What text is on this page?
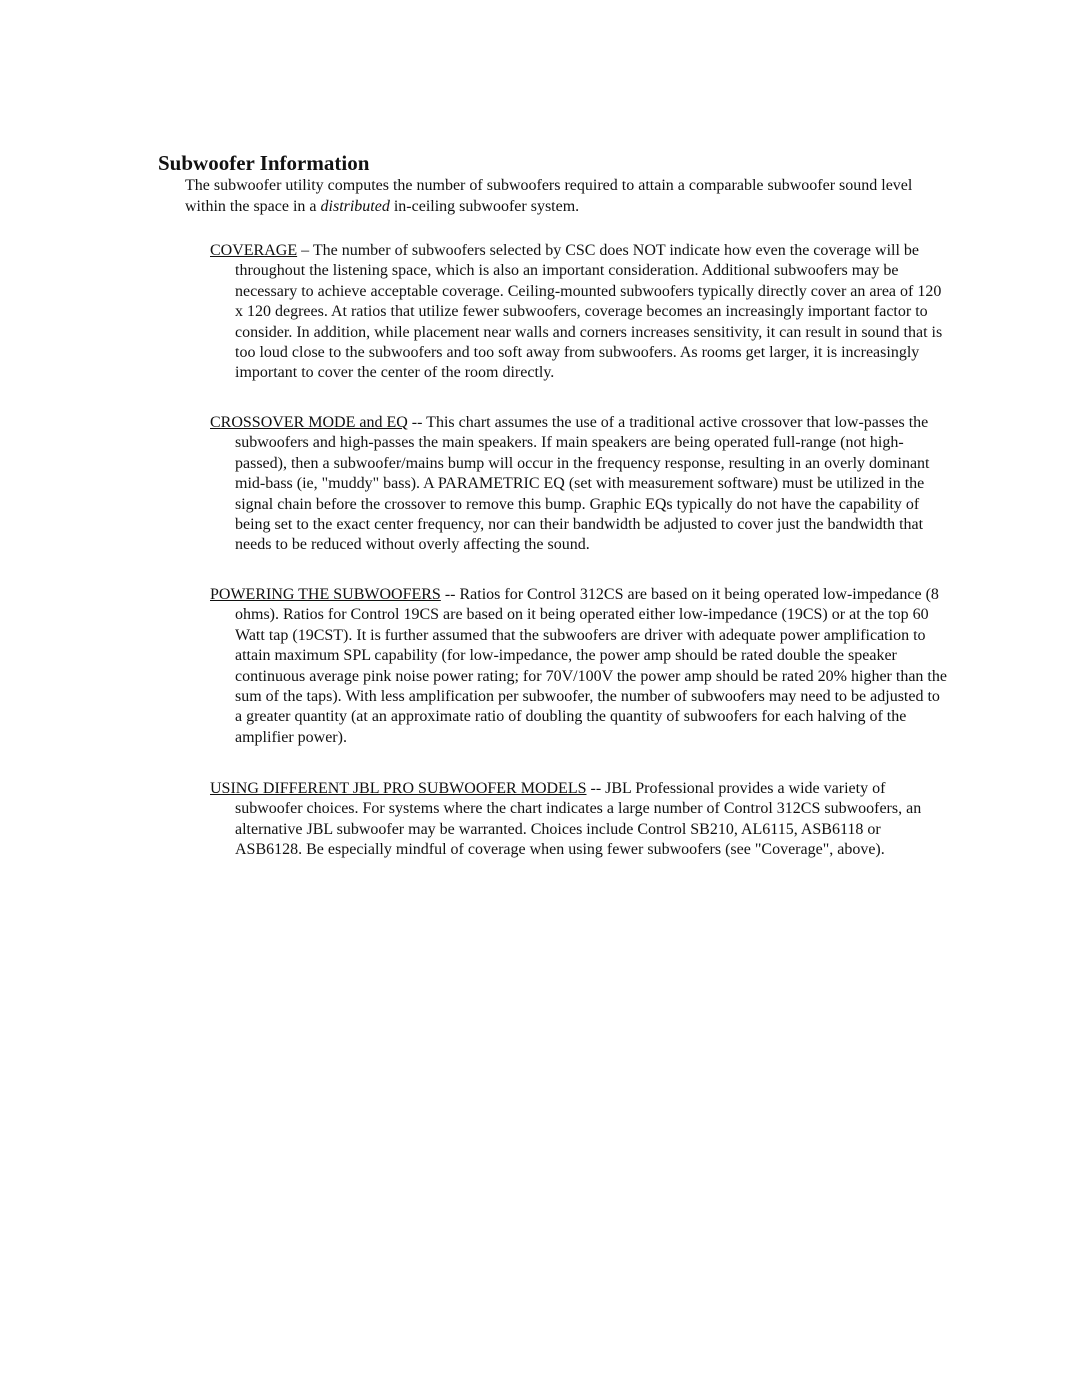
Subwoofer Information

The subwoofer utility computes the number of subwoofers required to attain a comparable subwoofer sound level within the space in a distributed in-ceiling subwoofer system.

COVERAGE – The number of subwoofers selected by CSC does NOT indicate how even the coverage will be throughout the listening space, which is also an important consideration. Additional subwoofers may be necessary to achieve acceptable coverage. Ceiling-mounted subwoofers typically directly cover an area of 120 x 120 degrees. At ratios that utilize fewer subwoofers, coverage becomes an increasingly important factor to consider. In addition, while placement near walls and corners increases sensitivity, it can result in sound that is too loud close to the subwoofers and too soft away from subwoofers. As rooms get larger, it is increasingly important to cover the center of the room directly.

CROSSOVER MODE and EQ -- This chart assumes the use of a traditional active crossover that low-passes the subwoofers and high-passes the main speakers. If main speakers are being operated full-range (not high-passed), then a subwoofer/mains bump will occur in the frequency response, resulting in an overly dominant mid-bass (ie, "muddy" bass). A PARAMETRIC EQ (set with measurement software) must be utilized in the signal chain before the crossover to remove this bump. Graphic EQs typically do not have the capability of being set to the exact center frequency, nor can their bandwidth be adjusted to cover just the bandwidth that needs to be reduced without overly affecting the sound.

POWERING THE SUBWOOFERS -- Ratios for Control 312CS are based on it being operated low-impedance (8 ohms). Ratios for Control 19CS are based on it being operated either low-impedance (19CS) or at the top 60 Watt tap (19CST). It is further assumed that the subwoofers are driver with adequate power amplification to attain maximum SPL capability (for low-impedance, the power amp should be rated double the speaker continuous average pink noise power rating; for 70V/100V the power amp should be rated 20% higher than the sum of the taps). With less amplification per subwoofer, the number of subwoofers may need to be adjusted to a greater quantity (at an approximate ratio of doubling the quantity of subwoofers for each halving of the amplifier power).

USING DIFFERENT JBL PRO SUBWOOFER MODELS -- JBL Professional provides a wide variety of subwoofer choices. For systems where the chart indicates a large number of Control 312CS subwoofers, an alternative JBL subwoofer may be warranted. Choices include Control SB210, AL6115, ASB6118 or ASB6128. Be especially mindful of coverage when using fewer subwoofers (see "Coverage", above).
